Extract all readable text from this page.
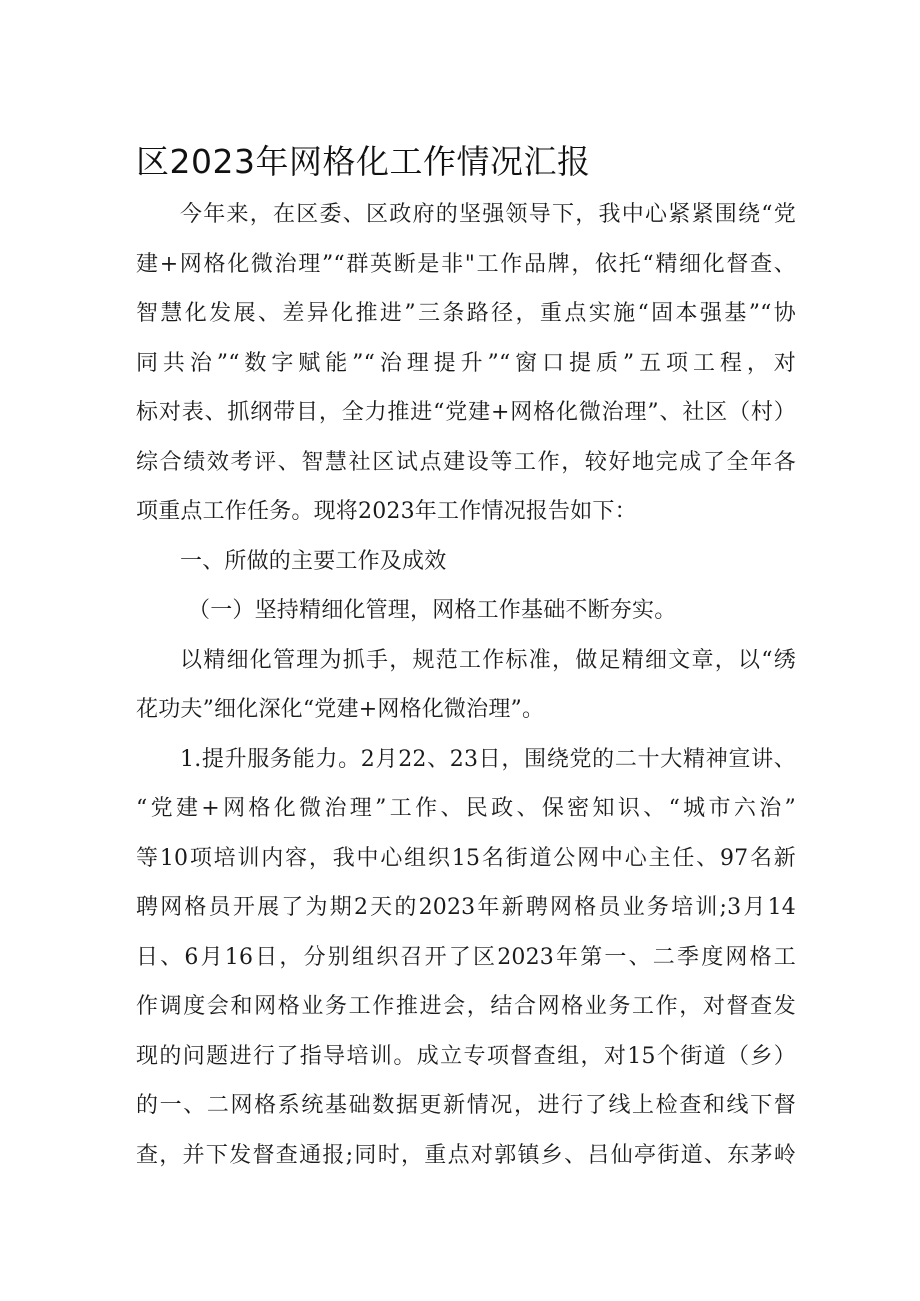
区2023年网格化工作情况汇报
今年来，在区委、区政府的坚强领导下，我中心紧紧围绕“党
建+网格化微治理”“群英断是非"工作品牌，依托“精细化督查、
智慧化发展、差异化推进”三条路径，重点实施“固本强基”“协
同共治”“数字赋能”“治理提升”“窗口提质”五项工程，对
标对表、抓纲带目，全力推进“党建+网格化微治理”、社区（村）
综合绩效考评、智慧社区试点建设等工作，较好地完成了全年各
项重点工作任务。现将2023年工作情况报告如下：
一、所做的主要工作及成效
（一）坚持精细化管理，网格工作基础不断夯实。
以精细化管理为抓手，规范工作标准，做足精细文章，以“绣
花功夫”细化深化“党建+网格化微治理”。
1.提升服务能力。2月22、23日，围绕党的二十大精神宣讲、
“党建+网格化微治理”工作、民政、保密知识、“城市六治”
等10项培训内容，我中心组织15名街道公网中心主任、97名新
聘网格员开展了为期2天的2023年新聘网格员业务培训;3月14
日、6月16日，分别组织召开了区2023年第一、二季度网格工
作调度会和网格业务工作推进会，结合网格业务工作，对督查发
现的问题进行了指导培训。成立专项督查组，对15个街道（乡）
的一、二网格系统基础数据更新情况，进行了线上检查和线下督
查，并下发督查通报;同时，重点对郭镇乡、吕仙亭街道、东茅岭
